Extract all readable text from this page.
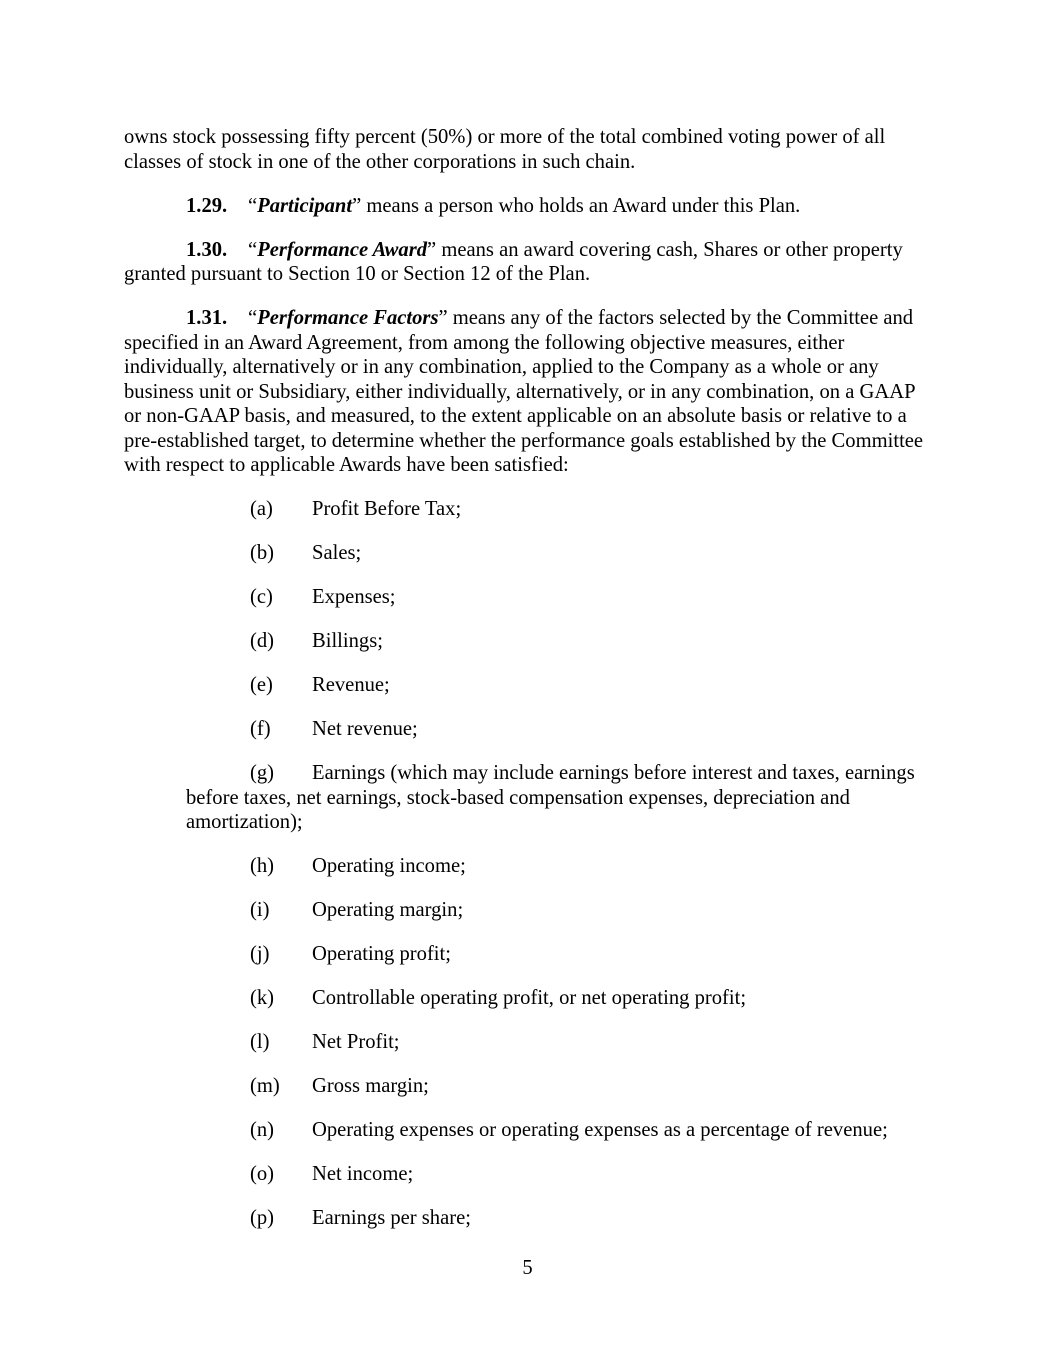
owns stock possessing fifty percent (50%) or more of the total combined voting power of all classes of stock in one of the other corporations in such chain.

1.29. “Participant” means a person who holds an Award under this Plan.

1.30. “Performance Award” means an award covering cash, Shares or other property granted pursuant to Section 10 or Section 12 of the Plan.

1.31. “Performance Factors” means any of the factors selected by the Committee and specified in an Award Agreement, from among the following objective measures, either individually, alternatively or in any combination, applied to the Company as a whole or any business unit or Subsidiary, either individually, alternatively, or in any combination, on a GAAP or non-GAAP basis, and measured, to the extent applicable on an absolute basis or relative to a pre-established target, to determine whether the performance goals established by the Committee with respect to applicable Awards have been satisfied:

(a) Profit Before Tax;
(b) Sales;
(c) Expenses;
(d) Billings;
(e) Revenue;
(f) Net revenue;
(g) Earnings (which may include earnings before interest and taxes, earnings before taxes, net earnings, stock-based compensation expenses, depreciation and amortization);
(h) Operating income;
(i) Operating margin;
(j) Operating profit;
(k) Controllable operating profit, or net operating profit;
(l) Net Profit;
(m) Gross margin;
(n) Operating expenses or operating expenses as a percentage of revenue;
(o) Net income;
(p) Earnings per share;
5
